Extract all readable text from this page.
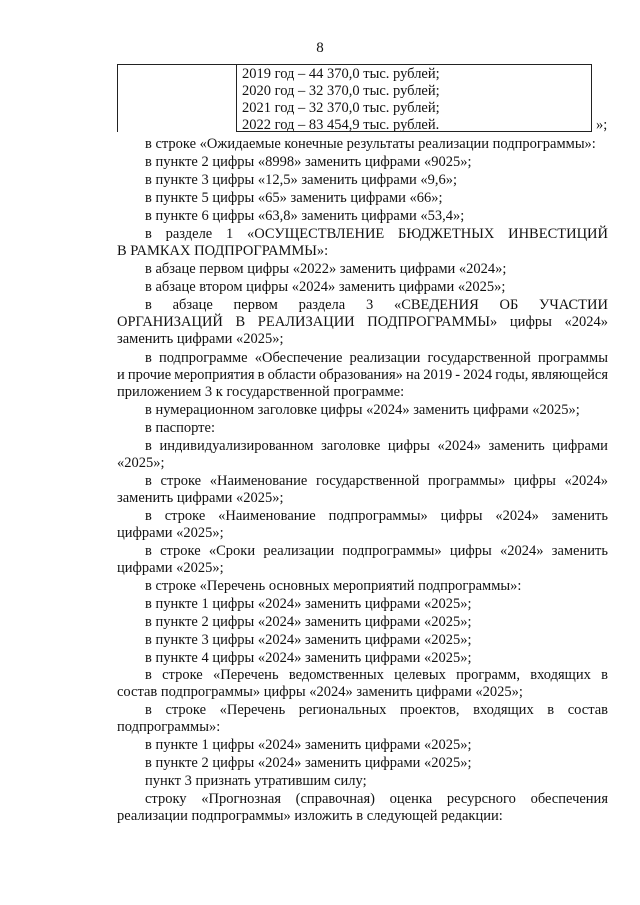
8
2019 год – 44 370,0 тыс. рублей;
2020 год – 32 370,0 тыс. рублей;
2021 год – 32 370,0 тыс. рублей;
2022 год – 83 454,9 тыс. рублей.	»;
в строке «Ожидаемые конечные результаты реализации подпрограммы»:
в пункте 2 цифры «8998» заменить цифрами «9025»;
в пункте 3 цифры «12,5» заменить цифрами «9,6»;
в пункте 5 цифры «65» заменить цифрами «66»;
в пункте 6 цифры «63,8» заменить цифрами «53,4»;
в разделе 1 «ОСУЩЕСТВЛЕНИЕ БЮДЖЕТНЫХ ИНВЕСТИЦИЙ
В РАМКАХ ПОДПРОГРАММЫ»:
в абзаце первом цифры «2022» заменить цифрами «2024»;
в абзаце втором цифры «2024» заменить цифрами «2025»;
в абзаце первом раздела 3 «СВЕДЕНИЯ ОБ УЧАСТИИ
ОРГАНИЗАЦИЙ В РЕАЛИЗАЦИИ ПОДПРОГРАММЫ» цифры «2024»
заменить цифрами «2025»;
в подпрограмме «Обеспечение реализации государственной программы
и прочие мероприятия в области образования» на 2019 - 2024 годы, являющейся
приложением 3 к государственной программе:
в нумерационном заголовке цифры «2024» заменить цифрами «2025»;
в паспорте:
в индивидуализированном заголовке цифры «2024» заменить цифрами
«2025»;
в строке «Наименование государственной программы» цифры «2024»
заменить цифрами «2025»;
в строке «Наименование подпрограммы» цифры «2024» заменить
цифрами «2025»;
в строке «Сроки реализации подпрограммы» цифры «2024» заменить
цифрами «2025»;
в строке «Перечень основных мероприятий подпрограммы»:
в пункте 1 цифры «2024» заменить цифрами «2025»;
в пункте 2 цифры «2024» заменить цифрами «2025»;
в пункте 3 цифры «2024» заменить цифрами «2025»;
в пункте 4 цифры «2024» заменить цифрами «2025»;
в строке «Перечень ведомственных целевых программ, входящих в
состав подпрограммы» цифры «2024» заменить цифрами «2025»;
в строке «Перечень региональных проектов, входящих в состав
подпрограммы»:
в пункте 1 цифры «2024» заменить цифрами «2025»;
в пункте 2 цифры «2024» заменить цифрами «2025»;
пункт 3 признать утратившим силу;
строку «Прогнозная (справочная) оценка ресурсного обеспечения
реализации подпрограммы» изложить в следующей редакции:
